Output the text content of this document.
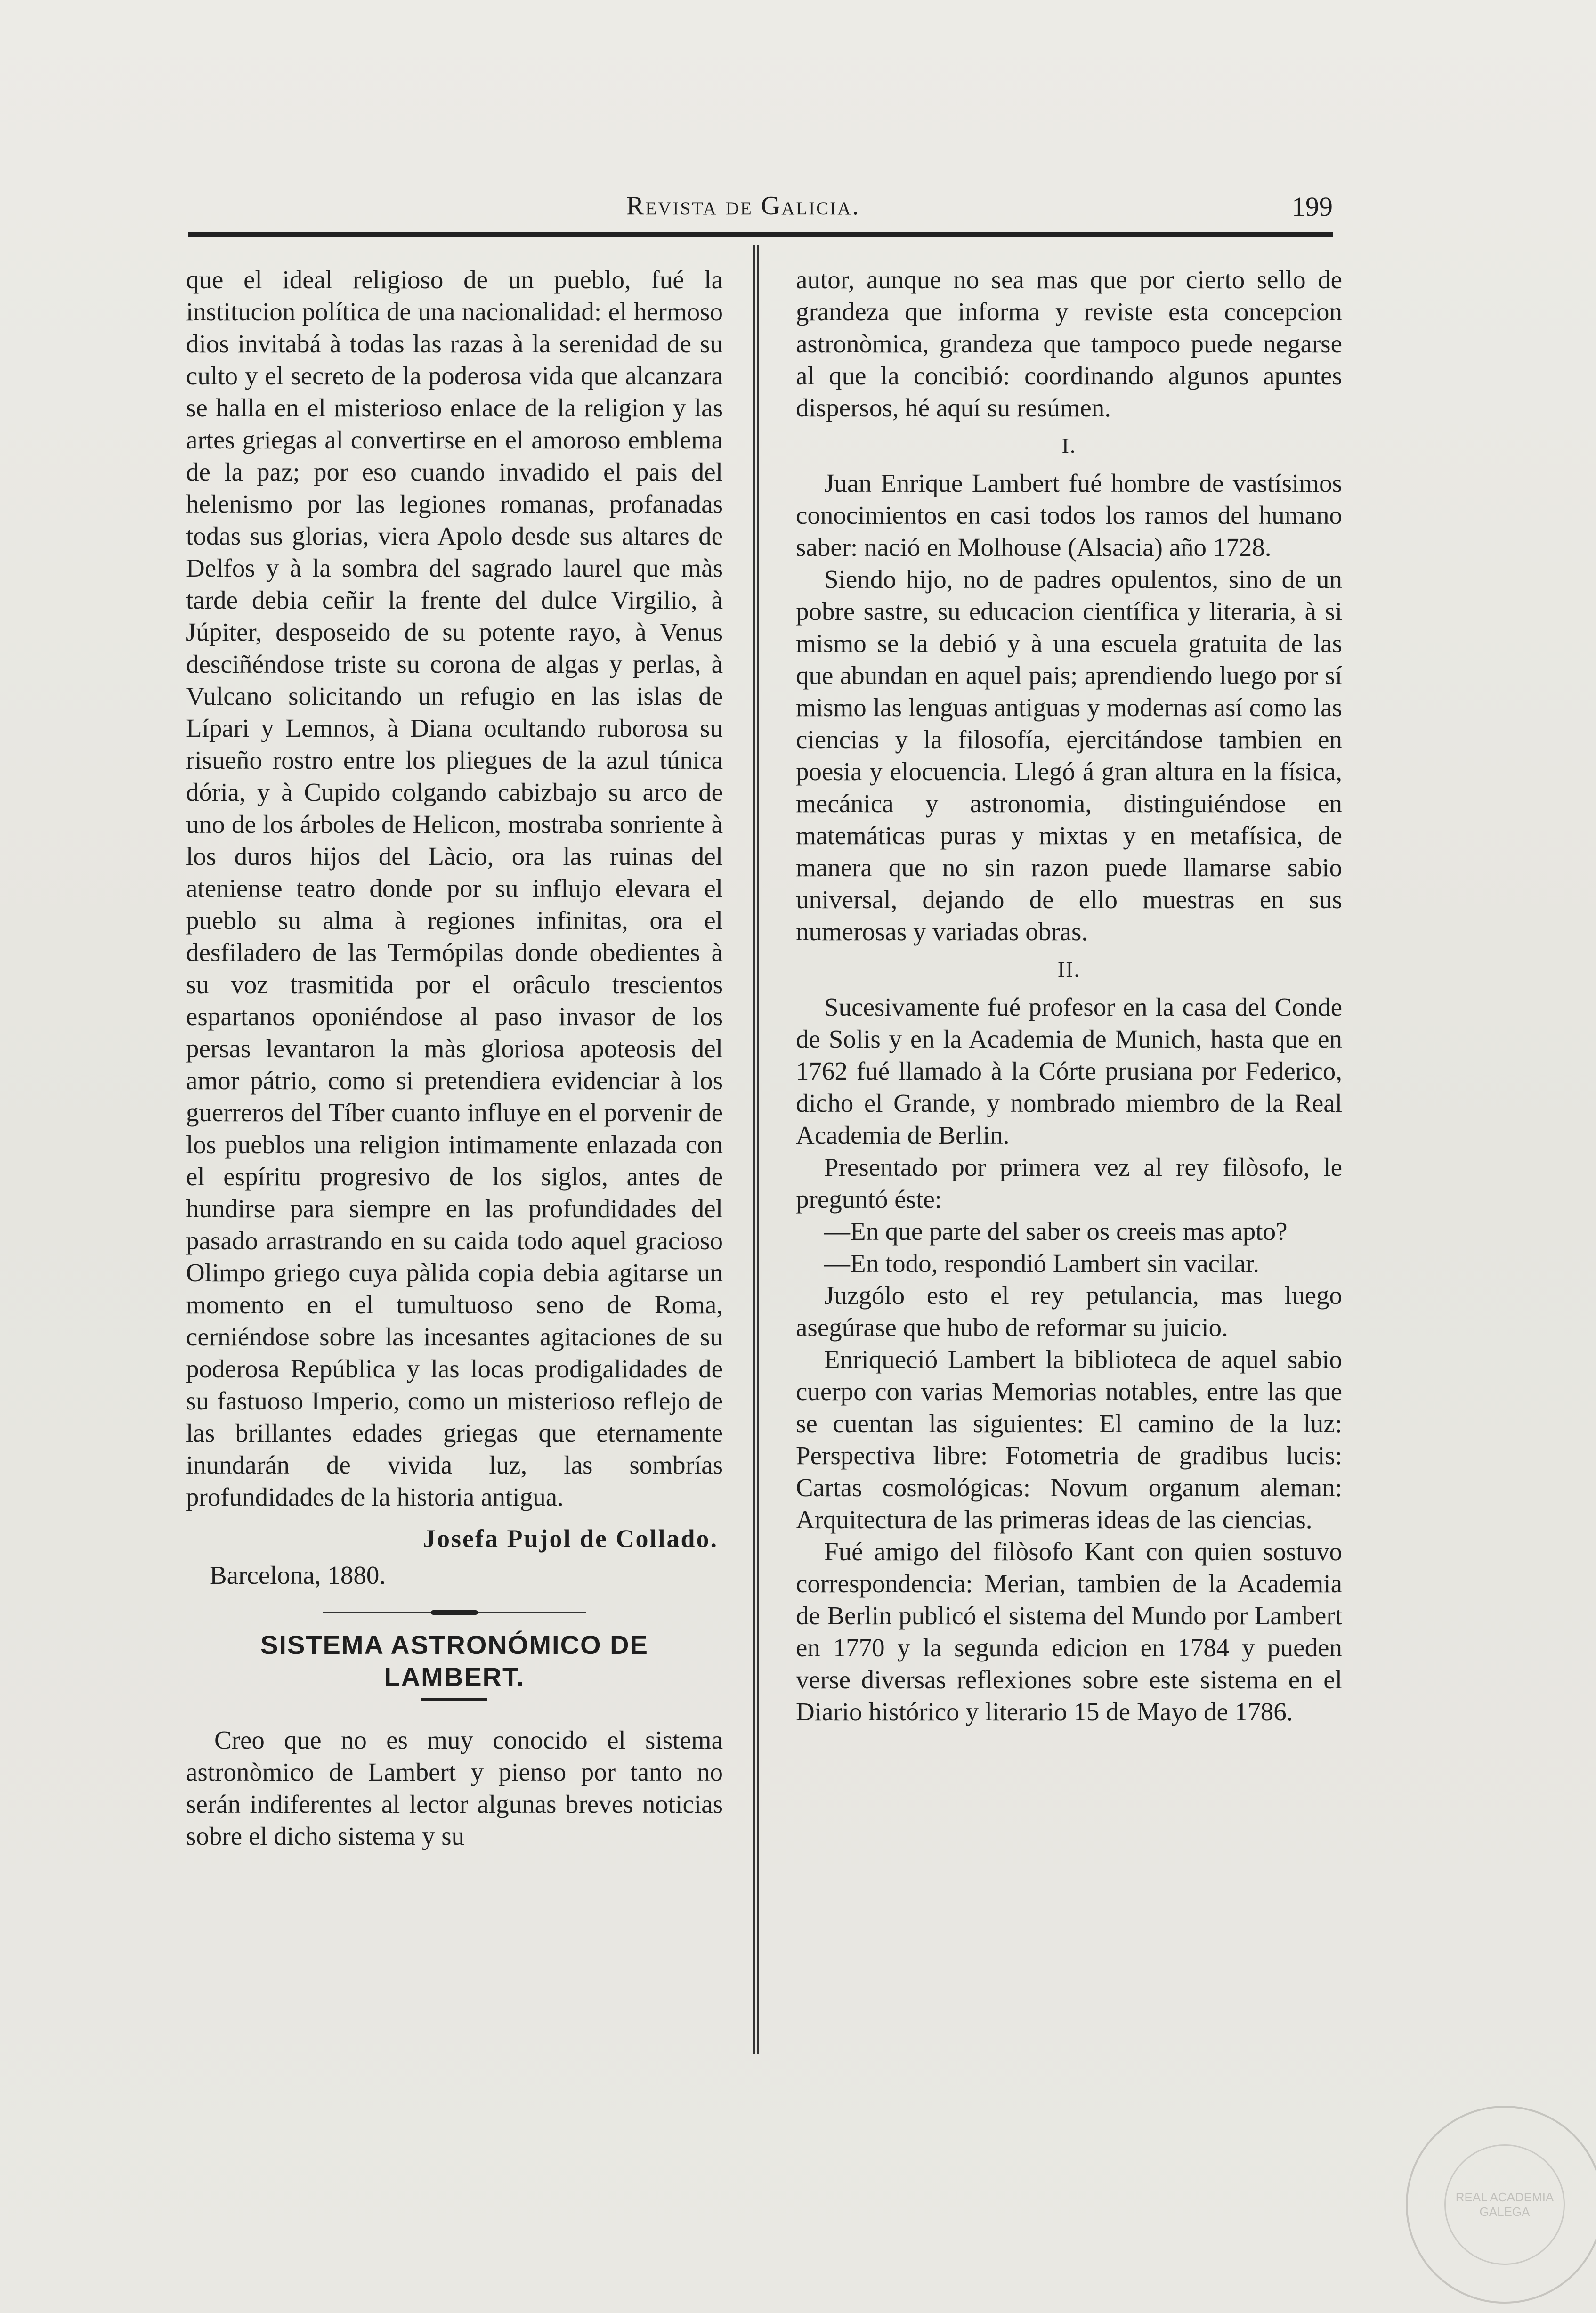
Revista de Galicia.	199

que el ideal religioso de un pueblo, fué la institucion política de una nacionalidad: el hermoso dios invitabá à todas las razas à la serenidad de su culto y el secreto de la poderosa vida que alcanzara se halla en el misterioso enlace de la religion y las artes griegas al convertirse en el amoroso emblema de la paz; por eso cuando invadido el pais del helenismo por las legiones romanas, profanadas todas sus glorias, viera Apolo desde sus altares de Delfos y à la sombra del sagrado laurel que màs tarde debia ceñir la frente del dulce Virgilio, à Júpiter, desposeido de su potente rayo, à Venus desciñéndose triste su corona de algas y perlas, à Vulcano solicitando un refugio en las islas de Lípari y Lemnos, à Diana ocultando ruborosa su risueño rostro entre los pliegues de la azul túnica dória, y à Cupido colgando cabizbajo su arco de uno de los árboles de Helicon, mostraba sonriente à los duros hijos del Làcio, ora las ruinas del ateniense teatro donde por su influjo elevara el pueblo su alma à regiones infinitas, ora el desfiladero de las Termópilas donde obedientes à su voz trasmitida por el orâculo trescientos espartanos oponiéndose al paso invasor de los persas levantaron la màs gloriosa apoteosis del amor pátrio, como si pretendiera evidenciar à los guerreros del Tíber cuanto influye en el porvenir de los pueblos una religion intimamente enlazada con el espíritu progresivo de los siglos, antes de hundirse para siempre en las profundidades del pasado arrastrando en su caida todo aquel gracioso Olimpo griego cuya pàlida copia debia agitarse un momento en el tumultuoso seno de Roma, cerniéndose sobre las incesantes agitaciones de su poderosa República y las locas prodigalidades de su fastuoso Imperio, como un misterioso reflejo de las brillantes edades griegas que eternamente inundarán de vivida luz, las sombrías profundidades de la historia antigua.

Josefa Pujol de Collado.
Barcelona, 1880.
SISTEMA ASTRONÓMICO DE LAMBERT.

Creo que no es muy conocido el sistema astronòmico de Lambert y pienso por tanto no serán indiferentes al lector algunas breves noticias sobre el dicho sistema y su

autor, aunque no sea mas que por cierto sello de grandeza que informa y reviste esta concepcion astronòmica, grandeza que tampoco puede negarse al que la concibió: coordinando algunos apuntes dispersos, hé aquí su resúmen.

I.

Juan Enrique Lambert fué hombre de vastísimos conocimientos en casi todos los ramos del humano saber: nació en Molhouse (Alsacia) año 1728.

Siendo hijo, no de padres opulentos, sino de un pobre sastre, su educacion científica y literaria, à si mismo se la debió y à una escuela gratuita de las que abundan en aquel pais; aprendiendo luego por sí mismo las lenguas antiguas y modernas así como las ciencias y la filosofía, ejercitándose tambien en poesia y elocuencia. Llegó á gran altura en la física, mecánica y astronomia, distinguiéndose en matemáticas puras y mixtas y en metafísica, de manera que no sin razon puede llamarse sabio universal, dejando de ello muestras en sus numerosas y variadas obras.

II.

Sucesivamente fué profesor en la casa del Conde de Solis y en la Academia de Munich, hasta que en 1762 fué llamado à la Córte prusiana por Federico, dicho el Grande, y nombrado miembro de la Real Academia de Berlin.

Presentado por primera vez al rey filòsofo, le preguntó éste:

—En que parte del saber os creeis mas apto?

—En todo, respondió Lambert sin vacilar.

Juzgólo esto el rey petulancia, mas luego asegúrase que hubo de reformar su juicio.

Enriqueció Lambert la biblioteca de aquel sabio cuerpo con varias Memorias notables, entre las que se cuentan las siguientes: El camino de la luz: Perspectiva libre: Fotometria de gradibus lucis: Cartas cosmológicas: Novum organum aleman: Arquitectura de las primeras ideas de las ciencias.

Fué amigo del filòsofo Kant con quien sostuvo correspondencia: Merian, tambien de la Academia de Berlin publicó el sistema del Mundo por Lambert en 1770 y la segunda edicion en 1784 y pueden verse diversas reflexiones sobre este sistema en el Diario histórico y literario 15 de Mayo de 1786.

REAL ACADEMIA GALEGA
